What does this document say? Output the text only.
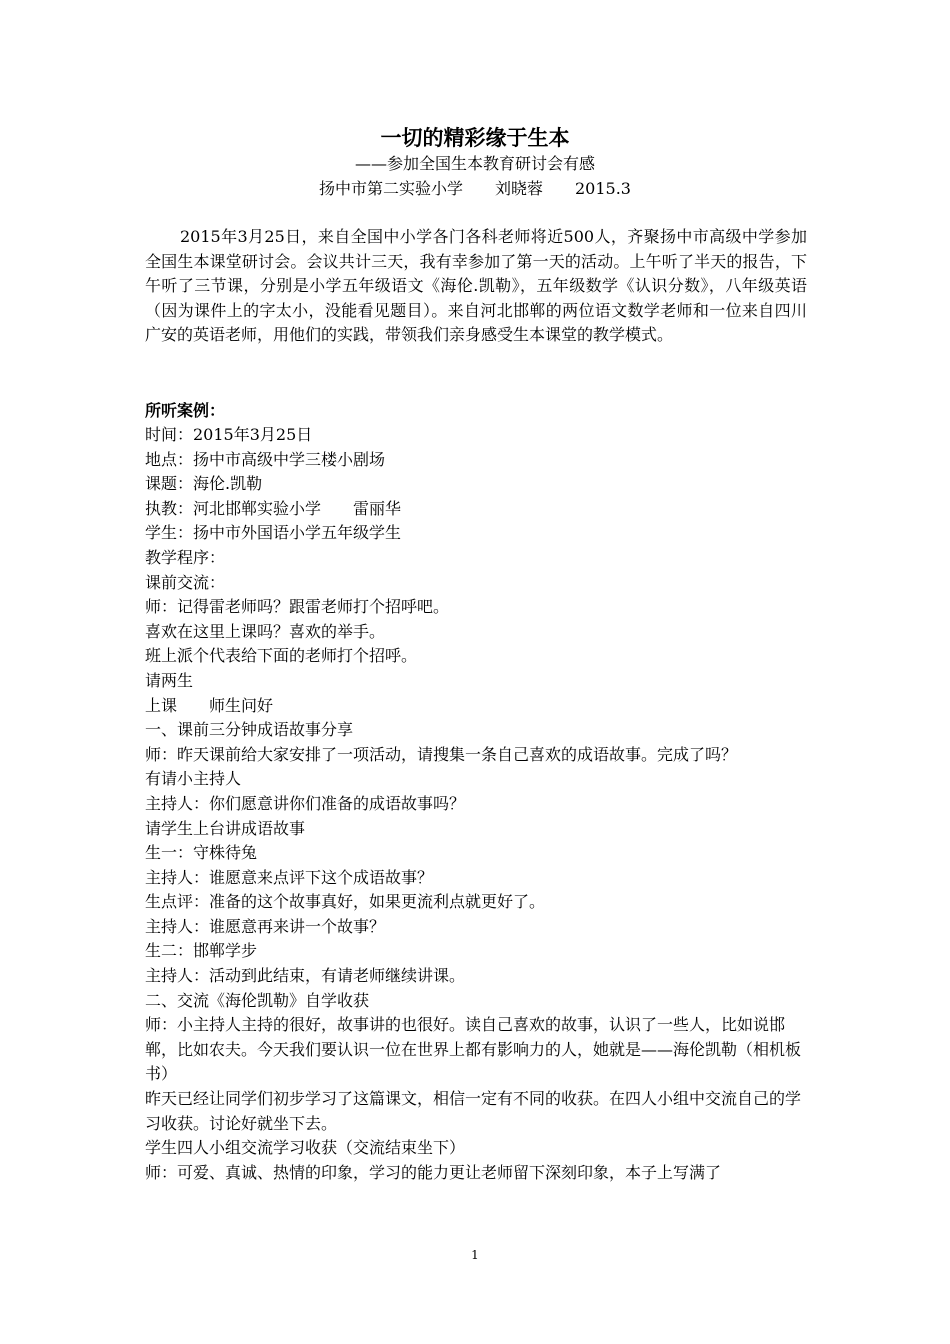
一切的精彩缘于生本
——参加全国生本教育研讨会有感
扬中市第二实验小学　　刘晓蓉　　2015.3
2015年3月25日，来自全国中小学各门各科老师将近500人，齐聚扬中市高级中学参加全国生本课堂研讨会。会议共计三天，我有幸参加了第一天的活动。上午听了半天的报告，下午听了三节课，分别是小学五年级语文《海伦.凯勒》，五年级数学《认识分数》，八年级英语（因为课件上的字太小，没能看见题目）。来自河北邯郸的两位语文数学老师和一位来自四川广安的英语老师，用他们的实践，带领我们亲身感受生本课堂的教学模式。
所听案例：
时间：2015年3月25日
地点：扬中市高级中学三楼小剧场
课题：海伦.凯勒
执教：河北邯郸实验小学　　雷丽华
学生：扬中市外国语小学五年级学生
教学程序：
课前交流：
师：记得雷老师吗？跟雷老师打个招呼吧。
喜欢在这里上课吗？喜欢的举手。
班上派个代表给下面的老师打个招呼。
请两生
上课　　师生问好
一、课前三分钟成语故事分享
师：昨天课前给大家安排了一项活动，请搜集一条自己喜欢的成语故事。完成了吗？
有请小主持人
主持人：你们愿意讲你们准备的成语故事吗？
请学生上台讲成语故事
生一：守株待兔
主持人：谁愿意来点评下这个成语故事？
生点评：准备的这个故事真好，如果更流利点就更好了。
主持人：谁愿意再来讲一个故事？
生二：邯郸学步
主持人：活动到此结束，有请老师继续讲课。
二、交流《海伦凯勒》自学收获
师：小主持人主持的很好，故事讲的也很好。读自己喜欢的故事，认识了一些人，比如说邯郸，比如农夫。今天我们要认识一位在世界上都有影响力的人，她就是——海伦凯勒（相机板书）
昨天已经让同学们初步学习了这篇课文，相信一定有不同的收获。在四人小组中交流自己的学习收获。讨论好就坐下去。
学生四人小组交流学习收获（交流结束坐下）
师：可爱、真诚、热情的印象，学习的能力更让老师留下深刻印象，本子上写满了
1
